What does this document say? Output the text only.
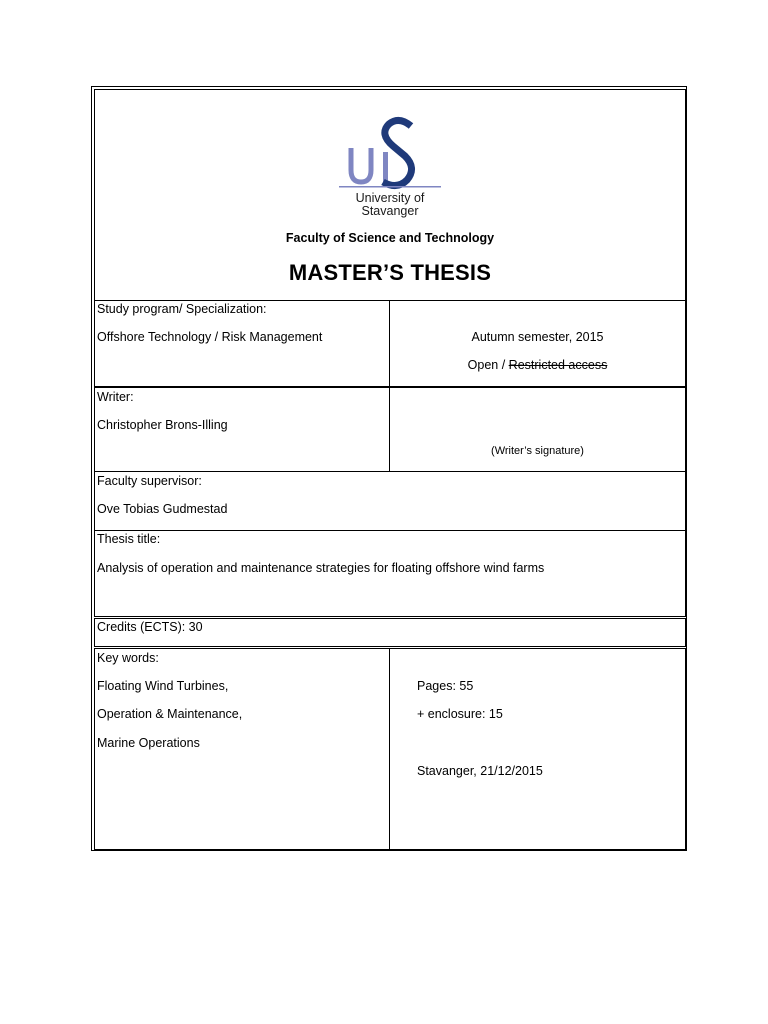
University of
Stavanger
Faculty of Science and Technology
MASTER’S THESIS
Study program/ Specialization:
Offshore Technology / Risk Management	Autumn semester, 2015
Open / Restricted access
Writer:
Christopher Brons-Illing
(Writer’s signature)
Faculty supervisor:
Ove Tobias Gudmestad
Thesis title:
Analysis of operation and maintenance strategies for floating offshore wind farms
Credits (ECTS): 30
Key words:
Floating Wind Turbines,
Operation & Maintenance,
Marine Operations
Pages: 55
+ enclosure: 15
Stavanger, 21/12/2015
